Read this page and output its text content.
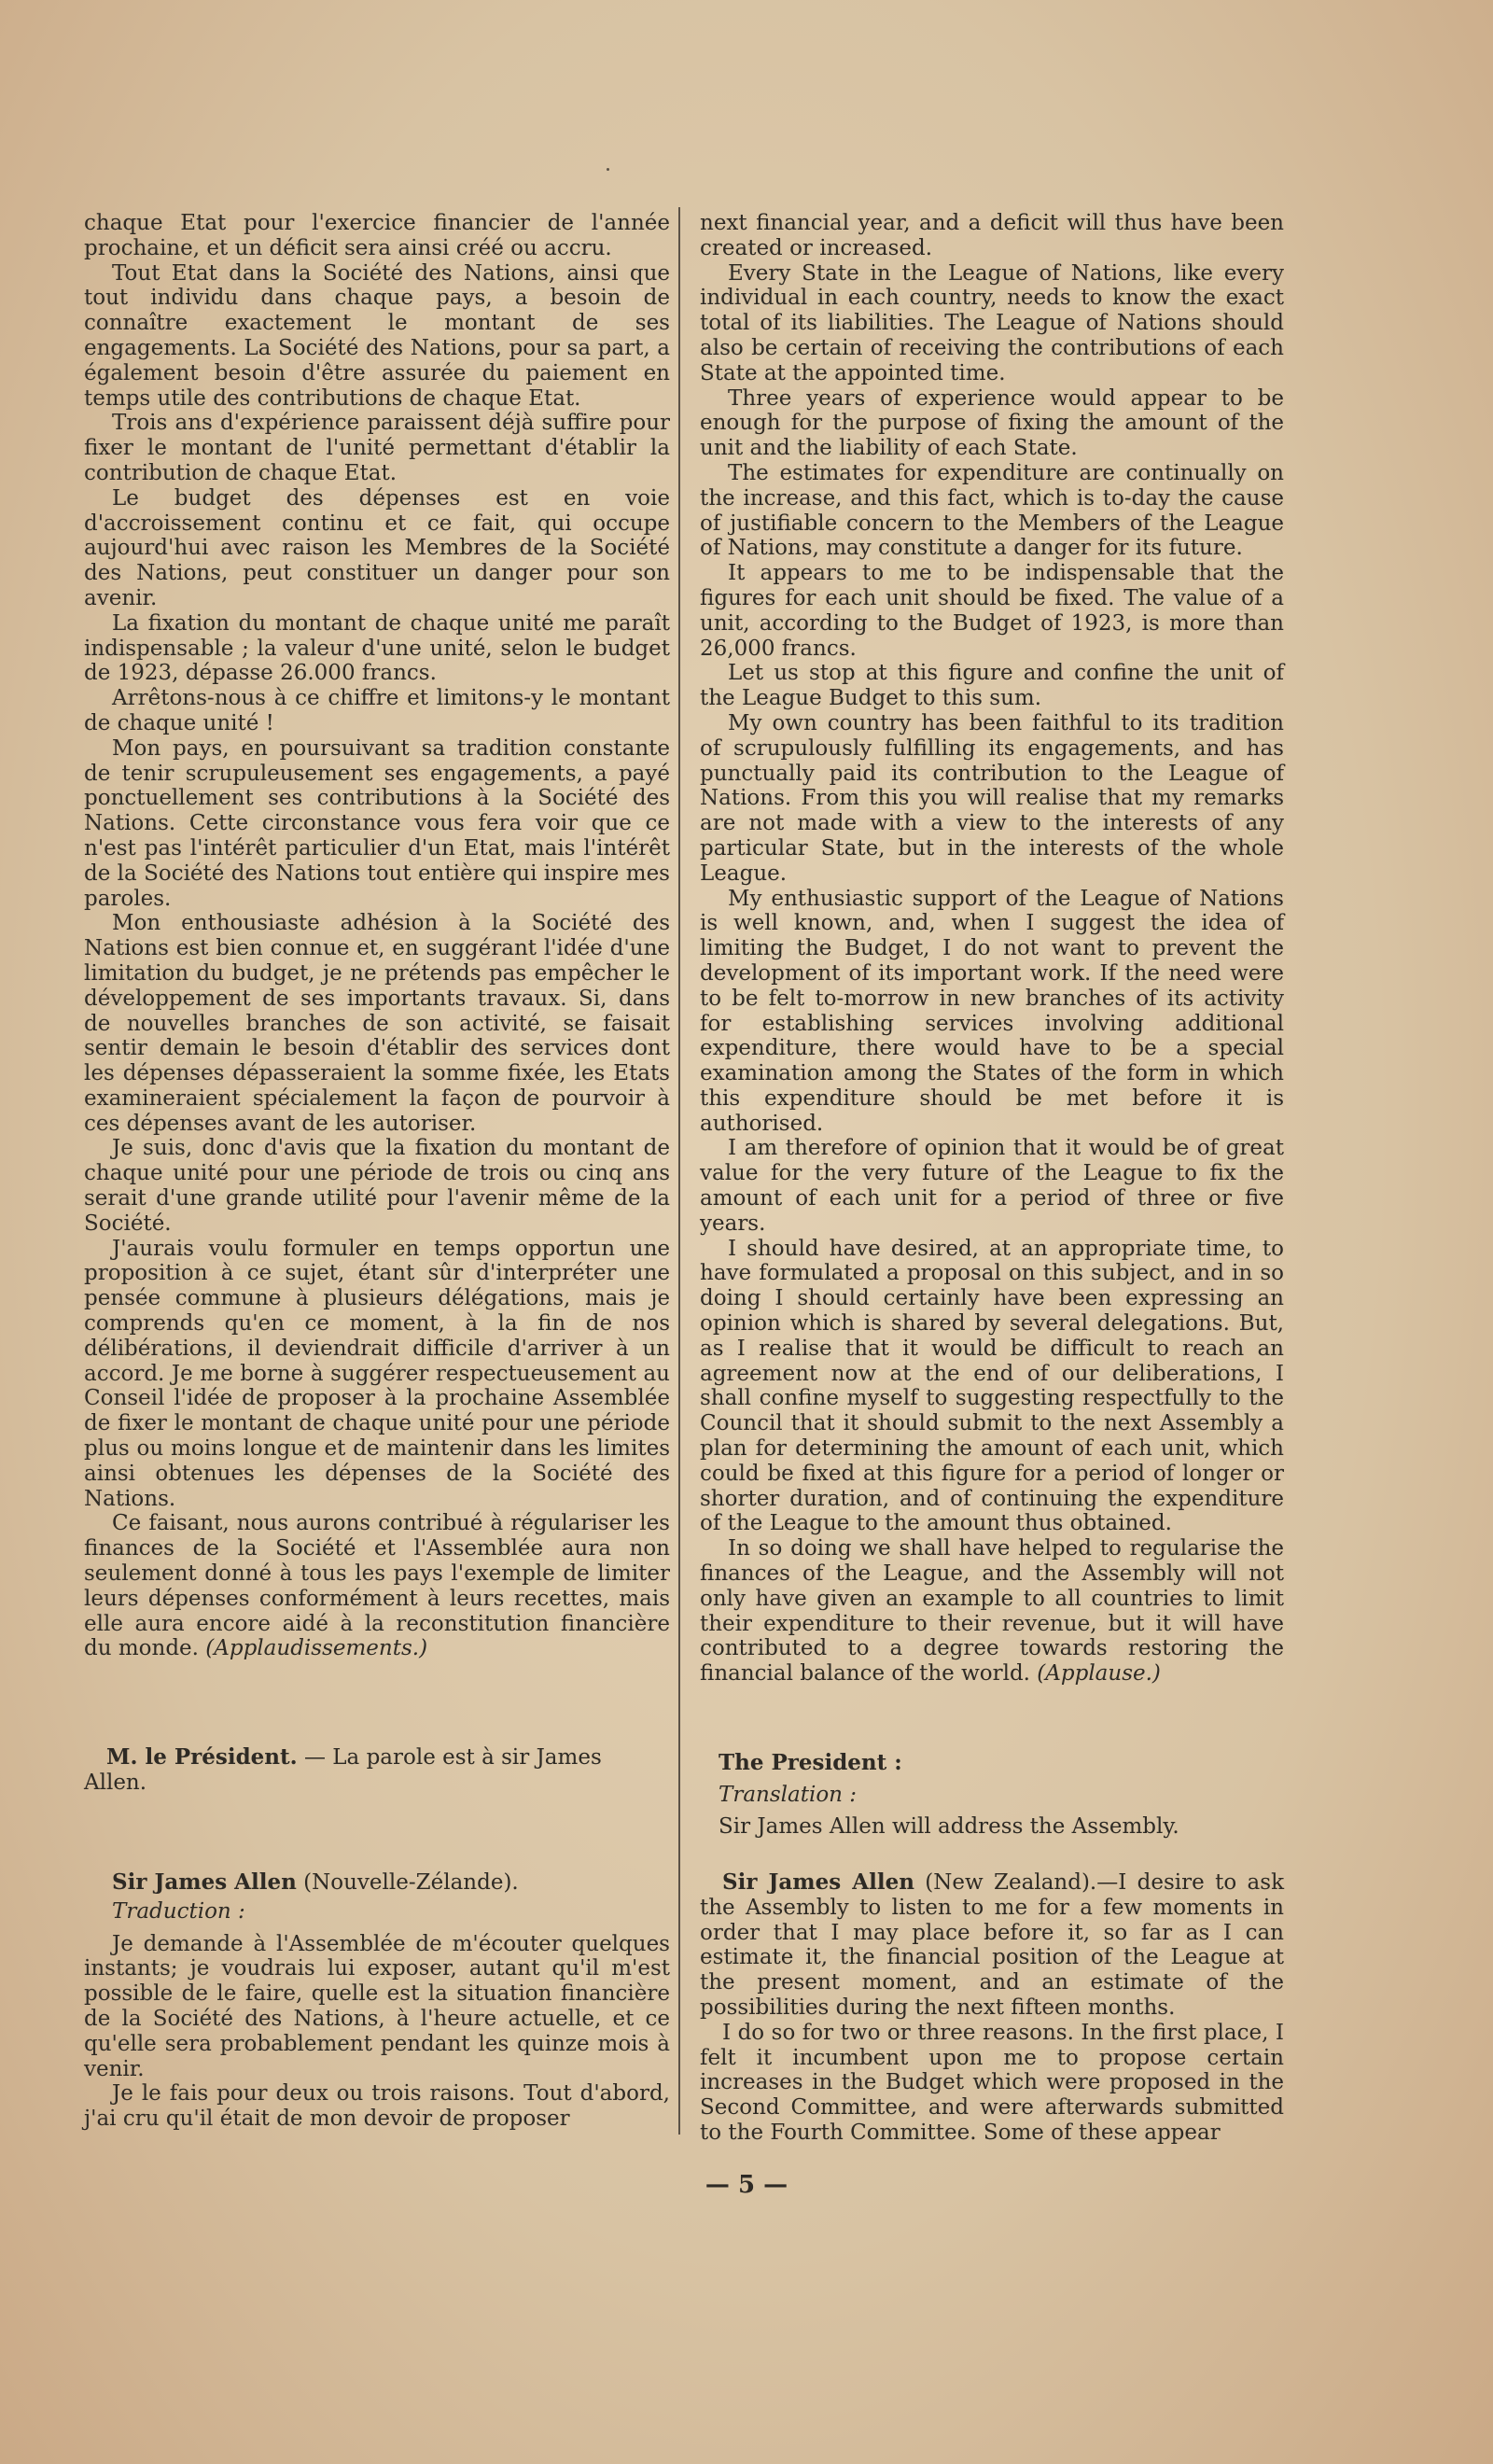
chaque Etat pour l'exercice financier de l'année prochaine, et un déficit sera ainsi créé ou accru.

Tout Etat dans la Société des Nations, ainsi que tout individu dans chaque pays, a besoin de connaître exactement le montant de ses engagements. La Société des Nations, pour sa part, a également besoin d'être assurée du paiement en temps utile des contributions de chaque Etat.

Trois ans d'expérience paraissent déjà suffire pour fixer le montant de l'unité permettant d'établir la contribution de chaque Etat.

Le budget des dépenses est en voie d'accroissement continu et ce fait, qui occupe aujourd'hui avec raison les Membres de la Société des Nations, peut constituer un danger pour son avenir.

La fixation du montant de chaque unité me paraît indispensable ; la valeur d'une unité, selon le budget de 1923, dépasse 26.000 francs.

Arrêtons-nous à ce chiffre et limitons-y le montant de chaque unité !

Mon pays, en poursuivant sa tradition constante de tenir scrupuleusement ses engagements, a payé ponctuellement ses contributions à la Société des Nations. Cette circonstance vous fera voir que ce n'est pas l'intérêt particulier d'un Etat, mais l'intérêt de la Société des Nations tout entière qui inspire mes paroles.

Mon enthousiaste adhésion à la Société des Nations est bien connue et, en suggérant l'idée d'une limitation du budget, je ne prétends pas empêcher le développement de ses importants travaux. Si, dans de nouvelles branches de son activité, se faisait sentir demain le besoin d'établir des services dont les dépenses dépasseraient la somme fixée, les Etats examineraient spécialement la façon de pourvoir à ces dépenses avant de les autoriser.

Je suis, donc d'avis que la fixation du montant de chaque unité pour une période de trois ou cinq ans serait d'une grande utilité pour l'avenir même de la Société.

J'aurais voulu formuler en temps opportun une proposition à ce sujet, étant sûr d'interpréter une pensée commune à plusieurs délégations, mais je comprends qu'en ce moment, à la fin de nos délibérations, il deviendrait difficile d'arriver à un accord. Je me borne à suggérer respectueusement au Conseil l'idée de proposer à la prochaine Assemblée de fixer le montant de chaque unité pour une période plus ou moins longue et de maintenir dans les limites ainsi obtenues les dépenses de la Société des Nations.

Ce faisant, nous aurons contribué à régulariser les finances de la Société et l'Assemblée aura non seulement donné à tous les pays l'exemple de limiter leurs dépenses conformément à leurs recettes, mais elle aura encore aidé à la reconstitution financière du monde. (Applaudissements.)

next financial year, and a deficit will thus have been created or increased.

Every State in the League of Nations, like every individual in each country, needs to know the exact total of its liabilities. The League of Nations should also be certain of receiving the contributions of each State at the appointed time.

Three years of experience would appear to be enough for the purpose of fixing the amount of the unit and the liability of each State.

The estimates for expenditure are continually on the increase, and this fact, which is to-day the cause of justifiable concern to the Members of the League of Nations, may constitute a danger for its future.

It appears to me to be indispensable that the figures for each unit should be fixed. The value of a unit, according to the Budget of 1923, is more than 26,000 francs.

Let us stop at this figure and confine the unit of the League Budget to this sum.

My own country has been faithful to its tradition of scrupulously fulfilling its engagements, and has punctually paid its contribution to the League of Nations. From this you will realise that my remarks are not made with a view to the interests of any particular State, but in the interests of the whole League.

My enthusiastic support of the League of Nations is well known, and, when I suggest the idea of limiting the Budget, I do not want to prevent the development of its important work. If the need were to be felt to-morrow in new branches of its activity for establishing services involving additional expenditure, there would have to be a special examination among the States of the form in which this expenditure should be met before it is authorised.

I am therefore of opinion that it would be of great value for the very future of the League to fix the amount of each unit for a period of three or five years.

I should have desired, at an appropriate time, to have formulated a proposal on this subject, and in so doing I should certainly have been expressing an opinion which is shared by several delegations. But, as I realise that it would be difficult to reach an agreement now at the end of our deliberations, I shall confine myself to suggesting respectfully to the Council that it should submit to the next Assembly a plan for determining the amount of each unit, which could be fixed at this figure for a period of longer or shorter duration, and of continuing the expenditure of the League to the amount thus obtained.

In so doing we shall have helped to regularise the finances of the League, and the Assembly will not only have given an example to all countries to limit their expenditure to their revenue, but it will have contributed to a degree towards restoring the financial balance of the world. (Applause.)

M. le Président. — La parole est à sir James Allen.
The President :
Translation :
Sir James Allen will address the Assembly.

Sir James Allen (Nouvelle-Zélande).

Traduction :

Je demande à l'Assemblée de m'écouter quelques instants; je voudrais lui exposer, autant qu'il m'est possible de le faire, quelle est la situation financière de la Société des Nations, à l'heure actuelle, et ce qu'elle sera probablement pendant les quinze mois à venir.

Je le fais pour deux ou trois raisons. Tout d'abord, j'ai cru qu'il était de mon devoir de proposer

Sir James Allen (New Zealand).—I desire to ask the Assembly to listen to me for a few moments in order that I may place before it, so far as I can estimate it, the financial position of the League at the present moment, and an estimate of the possibilities during the next fifteen months.

I do so for two or three reasons. In the first place, I felt it incumbent upon me to propose certain increases in the Budget which were proposed in the Second Committee, and were afterwards submitted to the Fourth Committee. Some of these appear

— 5 —
